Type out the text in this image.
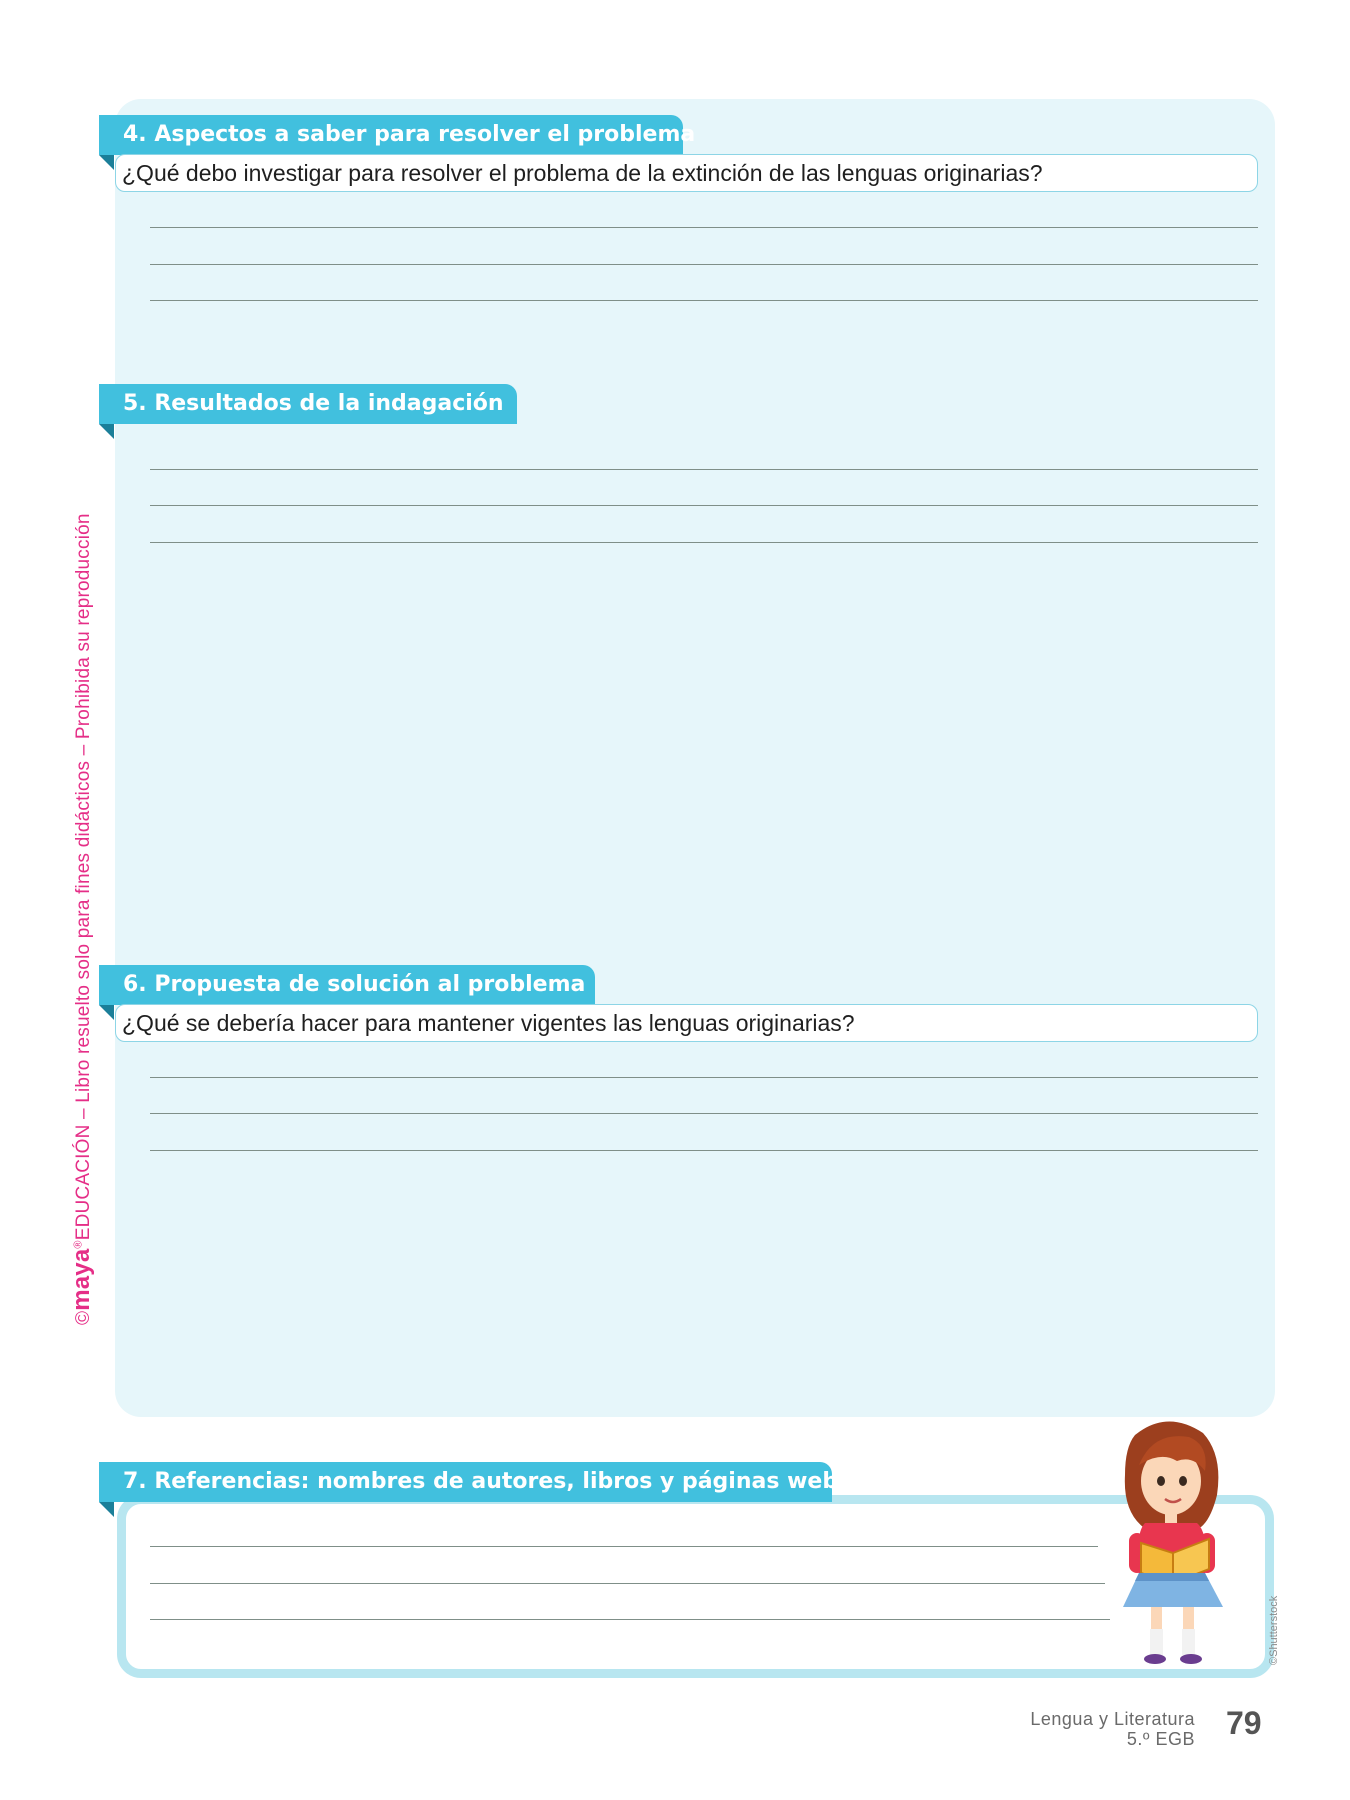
4. Aspectos a saber para resolver el problema
¿Qué debo investigar para resolver el problema de la extinción de las lenguas originarias?
5. Resultados de la indagación
6. Propuesta de solución al problema
¿Qué se debería hacer para mantener vigentes las lenguas originarias?
7. Referencias: nombres de autores, libros y páginas web
©maya®EDUCACIÓN – Libro resuelto solo para fines didácticos – Prohibida su reproducción
©Shutterstock
Lengua y Literatura
5.º EGB 79
